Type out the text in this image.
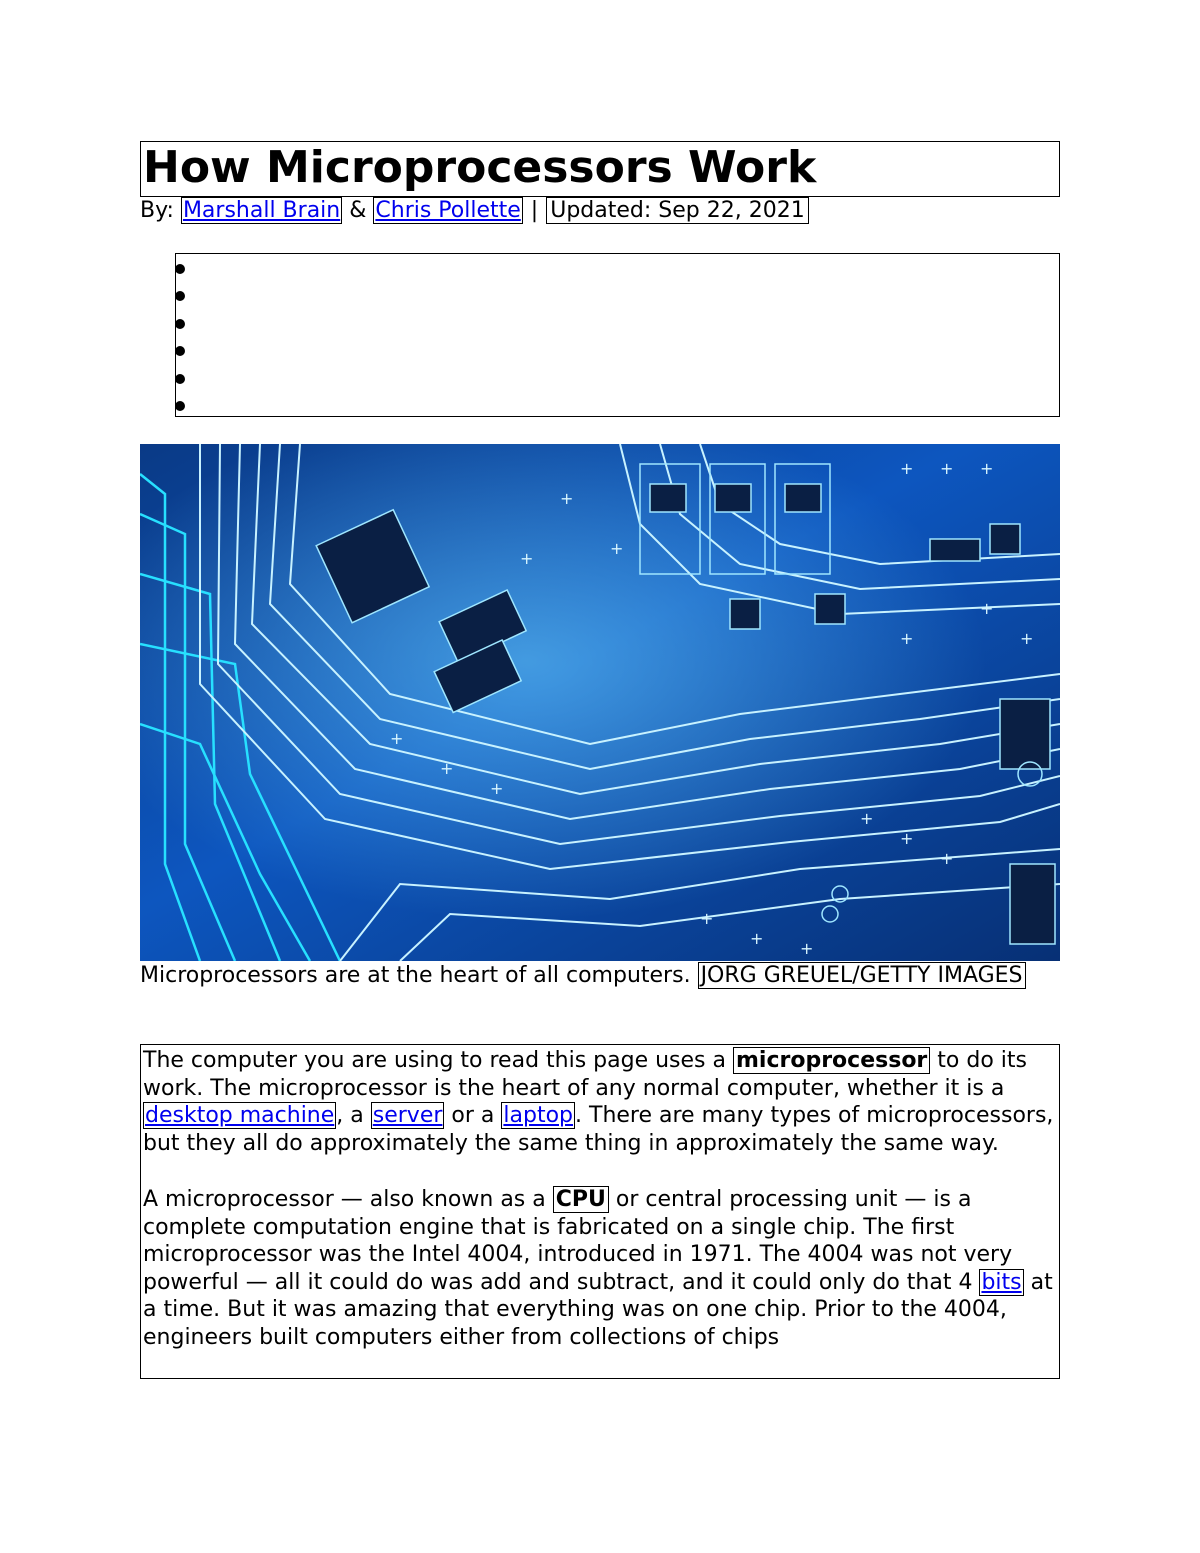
How Microprocessors Work
By: Marshall Brain & Chris Pollette | Updated: Sep 22, 2021
+
+
+
+ + +
+
+
+
+
+
+
+
+
+
+
+
+
Microprocessors are at the heart of all computers. JORG GREUEL/GETTY IMAGES

The computer you are using to read this page uses a microprocessor to do its work. The microprocessor is the heart of any normal computer, whether it is a desktop machine, a server or a laptop. There are many types of microprocessors, but they all do approximately the same thing in approximately the same way.

A microprocessor — also known as a CPU or central processing unit — is a complete computation engine that is fabricated on a single chip. The first microprocessor was the Intel 4004, introduced in 1971. The 4004 was not very powerful — all it could do was add and subtract, and it could only do that 4 bits at a time. But it was amazing that everything was on one chip. Prior to the 4004, engineers built computers either from collections of chips
